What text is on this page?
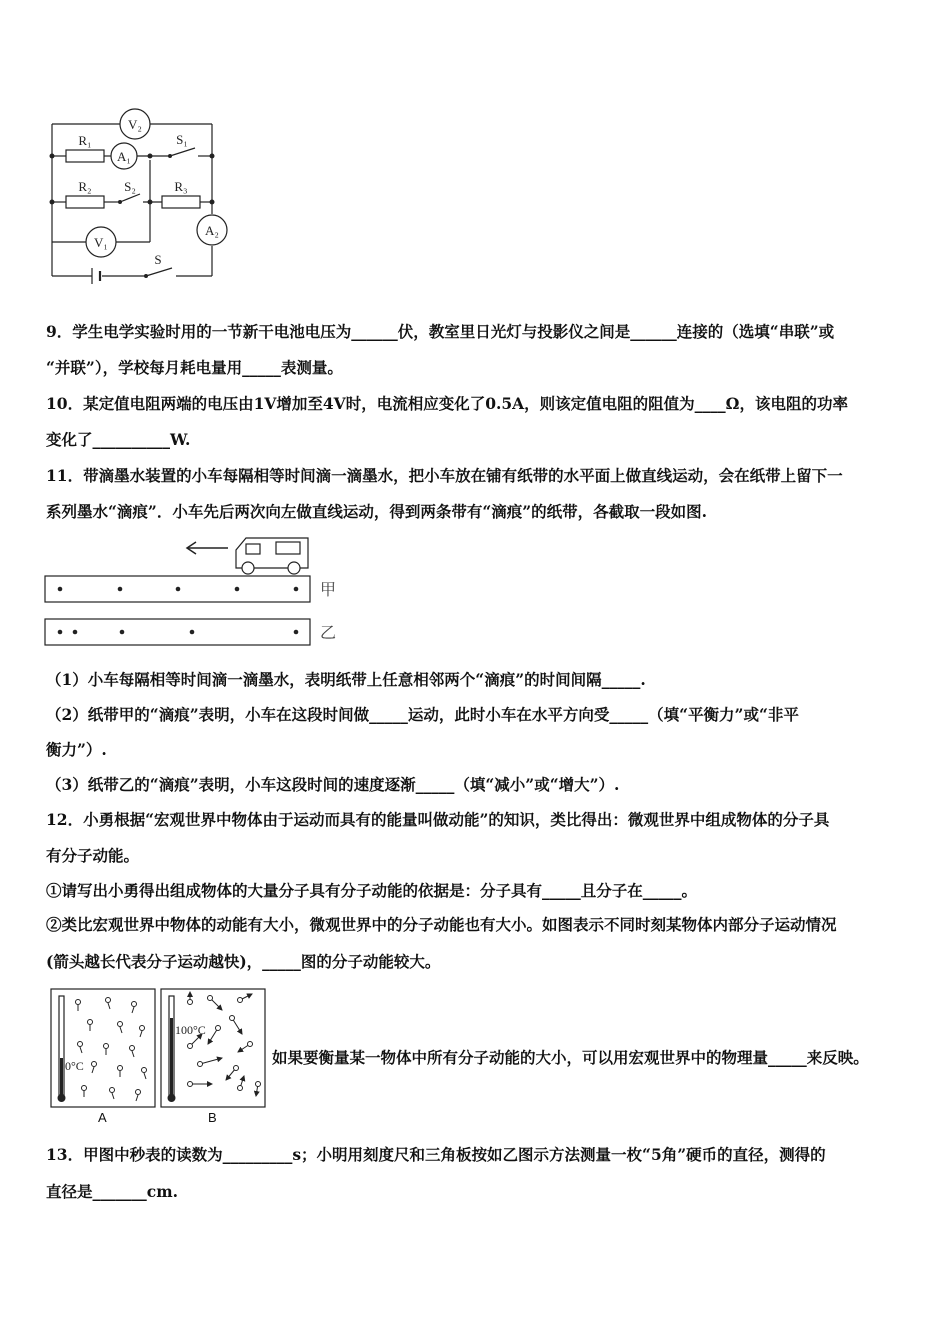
V₂
A₁
V₁
A₂
R₁
R₂	R₃
S₁
S₂
S
9．学生电学实验时用的一节新干电池电压为______伏，教室里日光灯与投影仪之间是______连接的（选填“串联”或
“并联”），学校每月耗电量用_____表测量。
10．某定值电阻两端的电压由1V增加至4V时，电流相应变化了0.5A，则该定值电阻的阻值为____Ω，该电阻的功率
变化了__________W.
11．带滴墨水装置的小车每隔相等时间滴一滴墨水，把小车放在铺有纸带的水平面上做直线运动，会在纸带上留下一
系列墨水“滴痕”．小车先后两次向左做直线运动，得到两条带有“滴痕”的纸带，各截取一段如图.
甲
乙
（1）小车每隔相等时间滴一滴墨水，表明纸带上任意相邻两个“滴痕”的时间间隔_____.
（2）纸带甲的“滴痕”表明，小车在这段时间做_____运动，此时小车在水平方向受_____（填“平衡力”或“非平
衡力”）.
（3）纸带乙的“滴痕”表明，小车这段时间的速度逐渐_____（填“减小”或“增大”）.
12．小勇根据“宏观世界中物体由于运动而具有的能量叫做动能”的知识，类比得出：微观世界中组成物体的分子具
有分子动能。
①请写出小勇得出组成物体的大量分子具有分子动能的依据是：分子具有_____且分子在_____。
②类比宏观世界中物体的动能有大小，微观世界中的分子动能也有大小。如图表示不同时刻某物体内部分子运动情况
(箭头越长代表分子运动越快)，_____图的分子动能较大。
0°C
A
100°C
B
如果要衡量某一物体中所有分子动能的大小，可以用宏观世界中的物理量_____来反映。
13．甲图中秒表的读数为_________s；小明用刻度尺和三角板按如乙图示方法测量一枚“5角”硬币的直径，测得的
直径是_______cm.
